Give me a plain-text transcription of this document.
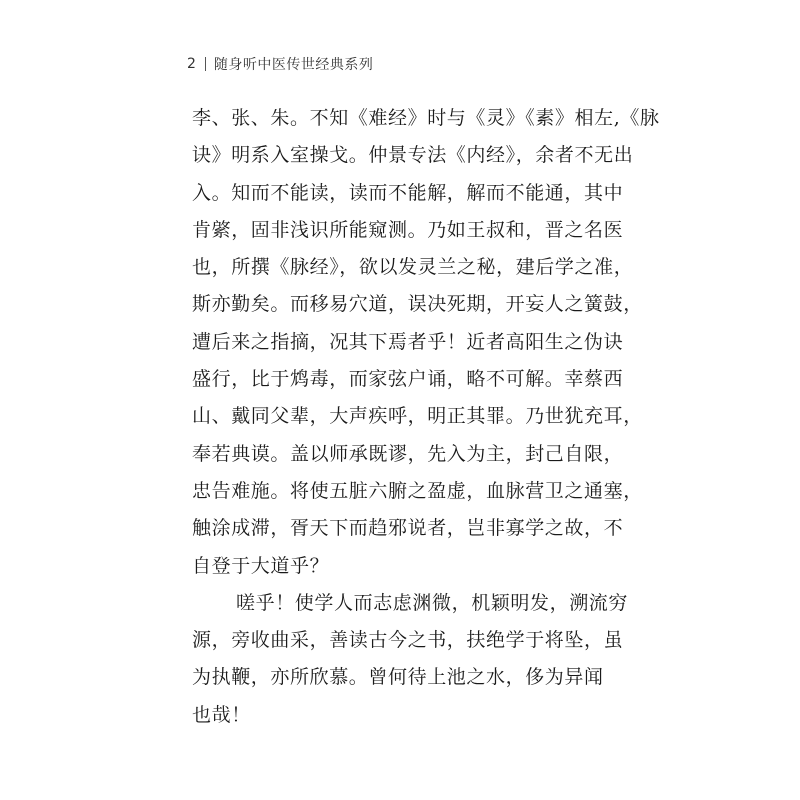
2 随身听中医传世经典系列
李、张、朱。不知《难经》时与《灵》《素》相左,《脉
诀》明系入室操戈。仲景专法《内经》，余者不无出
入。知而不能读，读而不能解，解而不能通，其中
肯綮，固非浅识所能窥测。乃如王叔和，晋之名医
也，所撰《脉经》，欲以发灵兰之秘，建后学之准，
斯亦勤矣。而移易穴道，误决死期，开妄人之簧鼓，
遭后来之指摘，况其下焉者乎！近者高阳生之伪诀
盛行，比于鸩毒，而家弦户诵，略不可解。幸蔡西
山、戴同父辈，大声疾呼，明正其罪。乃世犹充耳，
奉若典谟。盖以师承既谬，先入为主，封己自限，
忠告难施。将使五脏六腑之盈虚，血脉营卫之通塞，
触涂成滞，胥天下而趋邪说者，岂非寡学之故，不
自登于大道乎？
嗟乎！使学人而志虑渊微，机颖明发，溯流穷
源，旁收曲采，善读古今之书，扶绝学于将坠，虽
为执鞭，亦所欣慕。曾何待上池之水，侈为异闻
也哉！
